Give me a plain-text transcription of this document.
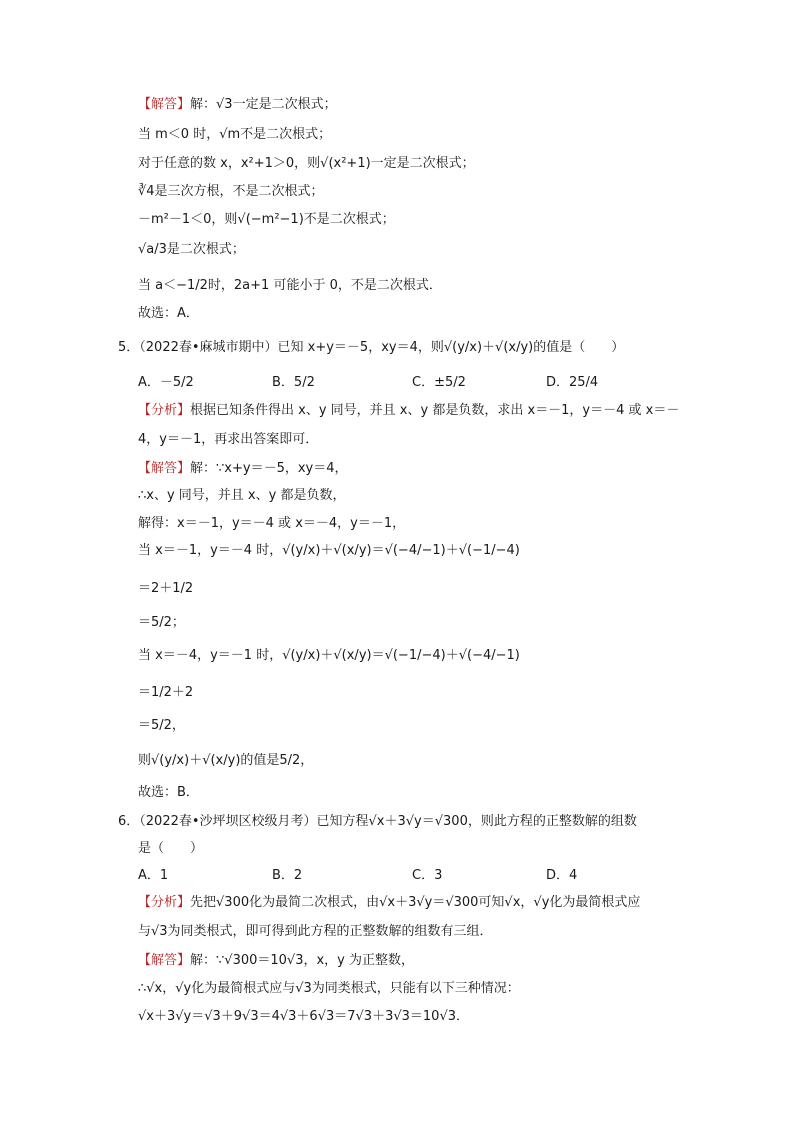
【解答】解：√3一定是二次根式；
当 m＜0 时，√m不是二次根式；
对于任意的数 x，x²+1＞0，则√(x²+1)一定是二次根式；
∛4是三次方根，不是二次根式；
－m²－1＜0，则√(−m²−1)不是二次根式；
√a/3是二次根式；
当 a＜−1/2时，2a+1 可能小于 0，不是二次根式．
故选：A．
5．（2022春•麻城市期中）已知 x+y＝－5，xy＝4，则√(y/x)＋√(x/y)的值是（　　）
A．－5/2	B．5/2	C．±5/2	D．25/4
【分析】根据已知条件得出 x、y 同号，并且 x、y 都是负数，求出 x＝－1，y＝－4 或 x＝－
4，y＝－1，再求出答案即可．
【解答】解：∵x+y＝－5，xy＝4，
∴x、y 同号，并且 x、y 都是负数，
解得：x＝－1，y＝－4 或 x＝－4，y＝－1，
当 x＝－1，y＝－4 时，√(y/x)＋√(x/y)＝√(−4/−1)＋√(−1/−4)
＝2＋1/2
＝5/2；
当 x＝－4，y＝－1 时，√(y/x)＋√(x/y)＝√(−1/−4)＋√(−4/−1)
＝1/2＋2
＝5/2，
则√(y/x)＋√(x/y)的值是5/2，
故选：B．
6．（2022春•沙坪坝区校级月考）已知方程√x＋3√y＝√300，则此方程的正整数解的组数
是（　　）
A．1	B．2	C．3	D．4
【分析】先把√300化为最简二次根式，由√x＋3√y＝√300可知√x，√y化为最简根式应
与√3为同类根式，即可得到此方程的正整数解的组数有三组．
【解答】解：∵√300＝10√3，x，y 为正整数，
∴√x，√y化为最简根式应与√3为同类根式，只能有以下三种情况：
√x＋3√y＝√3＋9√3＝4√3＋6√3＝7√3＋3√3＝10√3．
